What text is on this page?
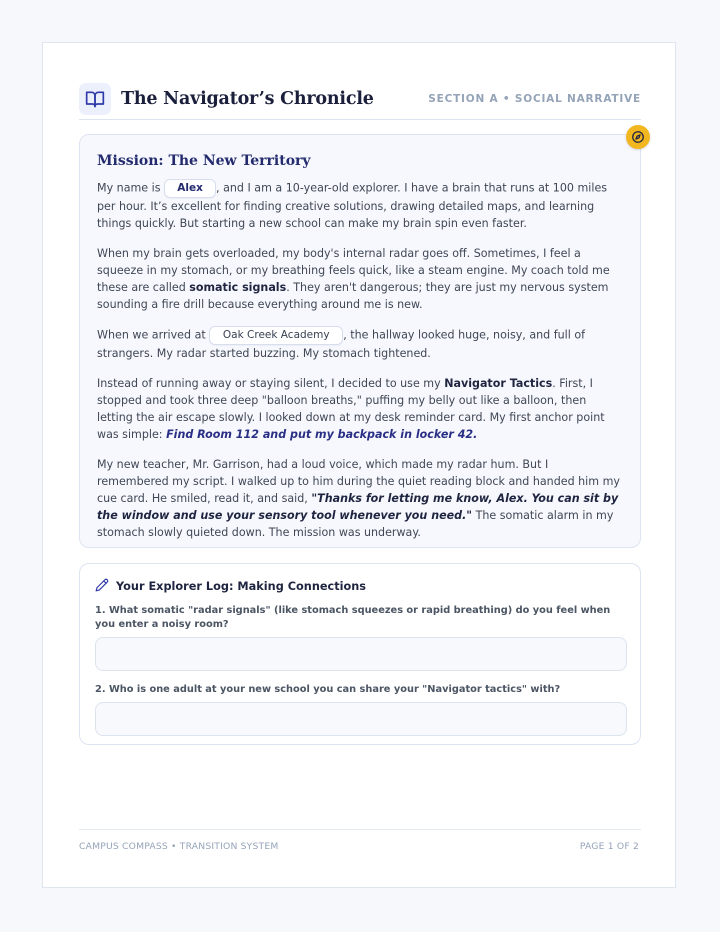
The Navigator’s Chronicle	SECTION A • SOCIAL NARRATIVE
Mission: The New Territory

My name is Alex , and I am a 10-year-old explorer. I have a brain that runs at 100 miles per hour. It’s excellent for finding creative solutions, drawing detailed maps, and learning things quickly. But starting a new school can make my brain spin even faster.

When my brain gets overloaded, my body's internal radar goes off. Sometimes, I feel a squeeze in my stomach, or my breathing feels quick, like a steam engine. My coach told me these are called somatic signals. They aren't dangerous; they are just my nervous system sounding a fire drill because everything around me is new.

When we arrived at Oak Creek Academy , the hallway looked huge, noisy, and full of strangers. My radar started buzzing. My stomach tightened.

Instead of running away or staying silent, I decided to use my Navigator Tactics. First, I stopped and took three deep "balloon breaths," puffing my belly out like a balloon, then letting the air escape slowly. I looked down at my desk reminder card. My first anchor point was simple: Find Room 112 and put my backpack in locker 42.

My new teacher, Mr. Garrison, had a loud voice, which made my radar hum. But I remembered my script. I walked up to him during the quiet reading block and handed him my cue card. He smiled, read it, and said, "Thanks for letting me know, Alex. You can sit by the window and use your sensory tool whenever you need." The somatic alarm in my stomach slowly quieted down. The mission was underway.

Your Explorer Log: Making Connections
1. What somatic "radar signals" (like stomach squeezes or rapid breathing) do you feel when you enter a noisy room?
2. Who is one adult at your new school you can share your "Navigator tactics" with?
CAMPUS COMPASS • TRANSITION SYSTEM	PAGE 1 OF 2
